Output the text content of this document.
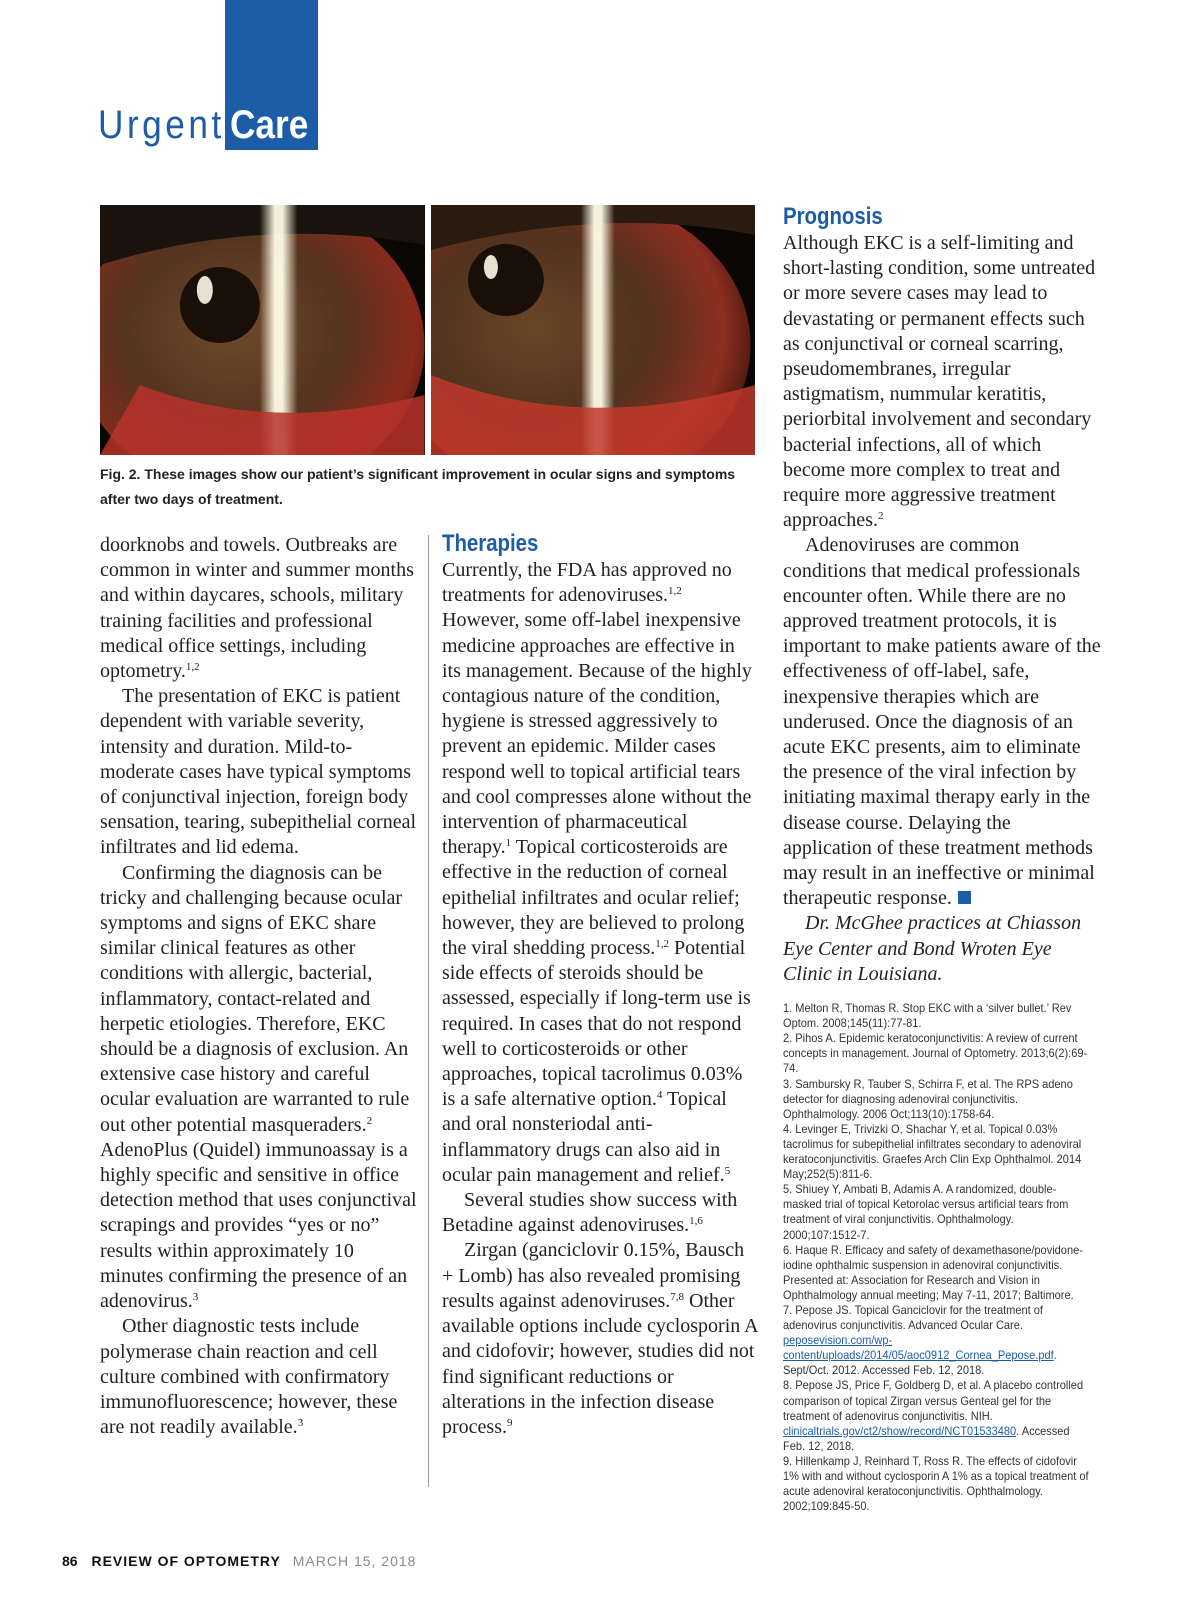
Urgent Care
Fig. 2. These images show our patient’s significant improvement in ocular signs and symptoms after two days of treatment.

doorknobs and towels. Outbreaks are common in winter and summer months and within daycares, schools, military training facilities and professional medical office settings, including optometry.$^{1,2}$

The presentation of EKC is patient dependent with variable severity, intensity and duration. Mild-to-moderate cases have typical symptoms of conjunctival injection, foreign body sensation, tearing, subepithelial corneal infiltrates and lid edema.

Confirming the diagnosis can be tricky and challenging because ocular symptoms and signs of EKC share similar clinical features as other conditions with allergic, bacterial, inflammatory, contact-related and herpetic etiologies. Therefore, EKC should be a diagnosis of exclusion. An extensive case history and careful ocular evaluation are warranted to rule out other potential masqueraders.$^2$ AdenoPlus (Quidel) immunoassay is a highly specific and sensitive in office detection method that uses conjunctival scrapings and provides “yes or no” results within approximately 10 minutes confirming the presence of an adenovirus.$^3$

Other diagnostic tests include polymerase chain reaction and cell culture combined with confirmatory immunofluorescence; however, these are not readily available.$^3$

Therapies

Currently, the FDA has approved no treatments for adenoviruses.$^{1,2}$ However, some off-label inexpensive medicine approaches are effective in its management. Because of the highly contagious nature of the condition, hygiene is stressed aggressively to prevent an epidemic. Milder cases respond well to topical artificial tears and cool compresses alone without the intervention of pharmaceutical therapy.$^1$ Topical corticosteroids are effective in the reduction of corneal epithelial infiltrates and ocular relief; however, they are believed to prolong the viral shedding process.$^{1,2}$ Potential side effects of steroids should be assessed, especially if long-term use is required. In cases that do not respond well to corticosteroids or other approaches, topical tacrolimus 0.03% is a safe alternative option.$^4$ Topical and oral nonsteriodal anti-inflammatory drugs can also aid in ocular pain management and relief.$^5$

Several studies show success with Betadine against adenoviruses.$^{1,6}$

Zirgan (ganciclovir 0.15%, Bausch + Lomb) has also revealed promising results against adenoviruses.$^{7,8}$ Other available options include cyclosporin A and cidofovir; however, studies did not find significant reductions or alterations in the infection disease process.$^9$

Prognosis

Although EKC is a self-limiting and short-lasting condition, some untreated or more severe cases may lead to devastating or permanent effects such as conjunctival or corneal scarring, pseudomembranes, irregular astigmatism, nummular keratitis, periorbital involvement and secondary bacterial infections, all of which become more complex to treat and require more aggressive treatment approaches.$^2$

Adenoviruses are common conditions that medical professionals encounter often. While there are no approved treatment protocols, it is important to make patients aware of the effectiveness of off-label, safe, inexpensive therapies which are underused. Once the diagnosis of an acute EKC presents, aim to eliminate the presence of the viral infection by initiating maximal therapy early in the disease course. Delaying the application of these treatment methods may result in an ineffective or minimal therapeutic response.

Dr. McGhee practices at Chiasson Eye Center and Bond Wroten Eye Clinic in Louisiana.

1. Melton R, Thomas R. Stop EKC with a ‘silver bullet.’ Rev Optom. 2008;145(11):77-81.
2. Pihos A. Epidemic keratoconjunctivitis: A review of current concepts in management. Journal of Optometry. 2013;6(2):69-74.
3. Sambursky R, Tauber S, Schirra F, et al. The RPS adeno detector for diagnosing adenoviral conjunctivitis. Ophthalmology. 2006 Oct;113(10):1758-64.
4. Levinger E, Trivizki O, Shachar Y, et al. Topical 0.03% tacrolimus for subepithelial infiltrates secondary to adenoviral keratoconjunctivitis. Graefes Arch Clin Exp Ophthalmol. 2014 May;252(5):811-6.
5. Shiuey Y, Ambati B, Adamis A. A randomized, double-masked trial of topical Ketorolac versus artificial tears from treatment of viral conjunctivitis. Ophthalmology. 2000;107:1512-7.
6. Haque R. Efficacy and safety of dexamethasone/povidone-iodine ophthalmic suspension in adenoviral conjunctivitis. Presented at: Association for Research and Vision in Ophthalmology annual meeting; May 7-11, 2017; Baltimore.
7. Pepose JS. Topical Ganciclovir for the treatment of adenovirus conjunctivitis. Advanced Ocular Care. peposevision.com/wp-content/uploads/2014/05/aoc0912_Cornea_Pepose.pdf. Sept/Oct. 2012. Accessed Feb. 12, 2018.
8. Pepose JS, Price F, Goldberg D, et al. A placebo controlled comparison of topical Zirgan versus Genteal gel for the treatment of adenovirus conjunctivitis. NIH. clinicaltrials.gov/ct2/show/record/NCT01533480. Accessed Feb. 12, 2018.
9. Hillenkamp J, Reinhard T, Ross R. The effects of cidofovir 1% with and without cyclosporin A 1% as a topical treatment of acute adenoviral keratoconjunctivitis. Ophthalmology. 2002;109:845-50.
86 REVIEW OF OPTOMETRY MARCH 15, 2018
